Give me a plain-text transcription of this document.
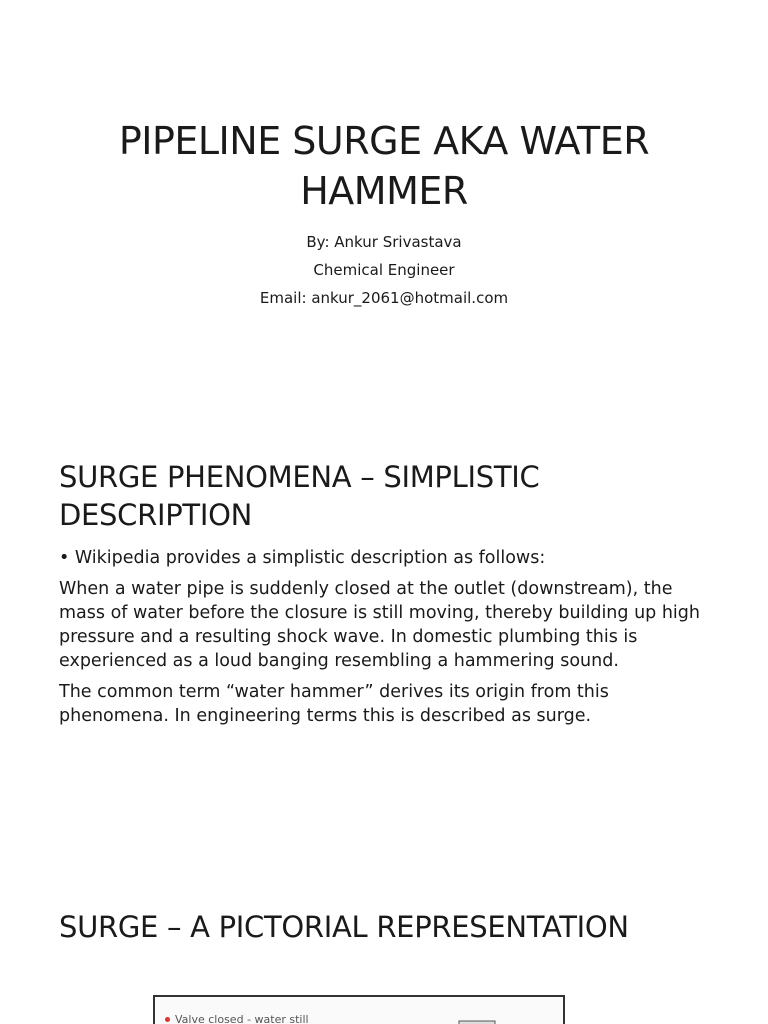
PIPELINE SURGE AKA WATER HAMMER
By: Ankur Srivastava
Chemical Engineer
Email: ankur_2061@hotmail.com
SURGE PHENOMENA – SIMPLISTIC DESCRIPTION

• Wikipedia provides a simplistic description as follows:

When a water pipe is suddenly closed at the outlet (downstream), the mass of water before the closure is still moving, thereby building up high pressure and a resulting shock wave. In domestic plumbing this is experienced as a loud banging resembling a hammering sound.

The common term “water hammer” derives its origin from this phenomena. In engineering terms this is described as surge.

SURGE – A PICTORIAL REPRESENTATION
Valve closed - water still
